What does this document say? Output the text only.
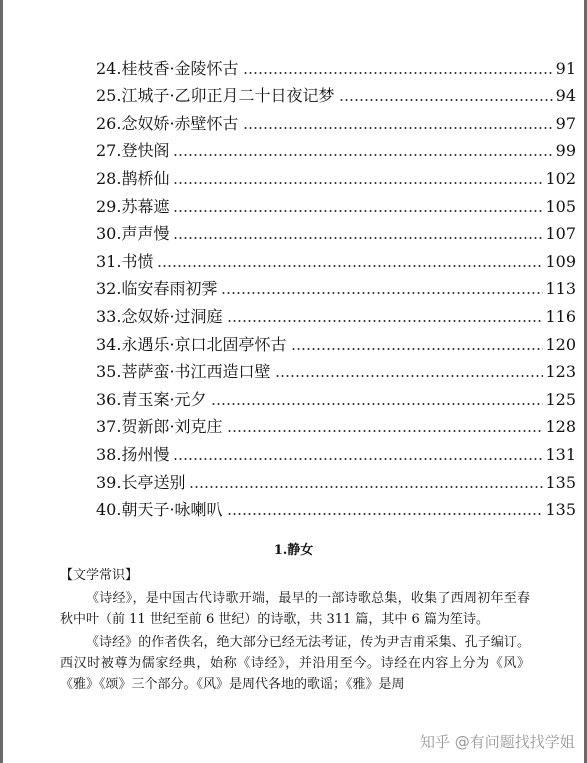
24.桂枝香·金陵怀古	91
25.江城子·乙卯正月二十日夜记梦	94
26.念奴娇·赤壁怀古	97
27.登快阁	99
28.鹊桥仙	102
29.苏幕遮	105
30.声声慢	107
31.书愤	109
32.临安春雨初霁	113
33.念奴娇·过洞庭	116
34.永遇乐·京口北固亭怀古	120
35.菩萨蛮·书江西造口壁	123
36.青玉案·元夕	125
37.贺新郎·刘克庄	128
38.扬州慢	131
39.长亭送别	135
40.朝天子·咏喇叭	135
1.静女
【文学常识】

《诗经》，是中国古代诗歌开端，最早的一部诗歌总集，收集了西周初年至春秋中叶（前 11 世纪至前 6 世纪）的诗歌，共 311 篇，其中 6 篇为笙诗。

《诗经》的作者佚名，绝大部分已经无法考证，传为尹吉甫采集、孔子编订。西汉时被尊为儒家经典，始称《诗经》，并沿用至今。诗经在内容上分为《风》《雅》《颂》三个部分。《风》是周代各地的歌谣；《雅》是周

知乎 @有问题找找学姐
